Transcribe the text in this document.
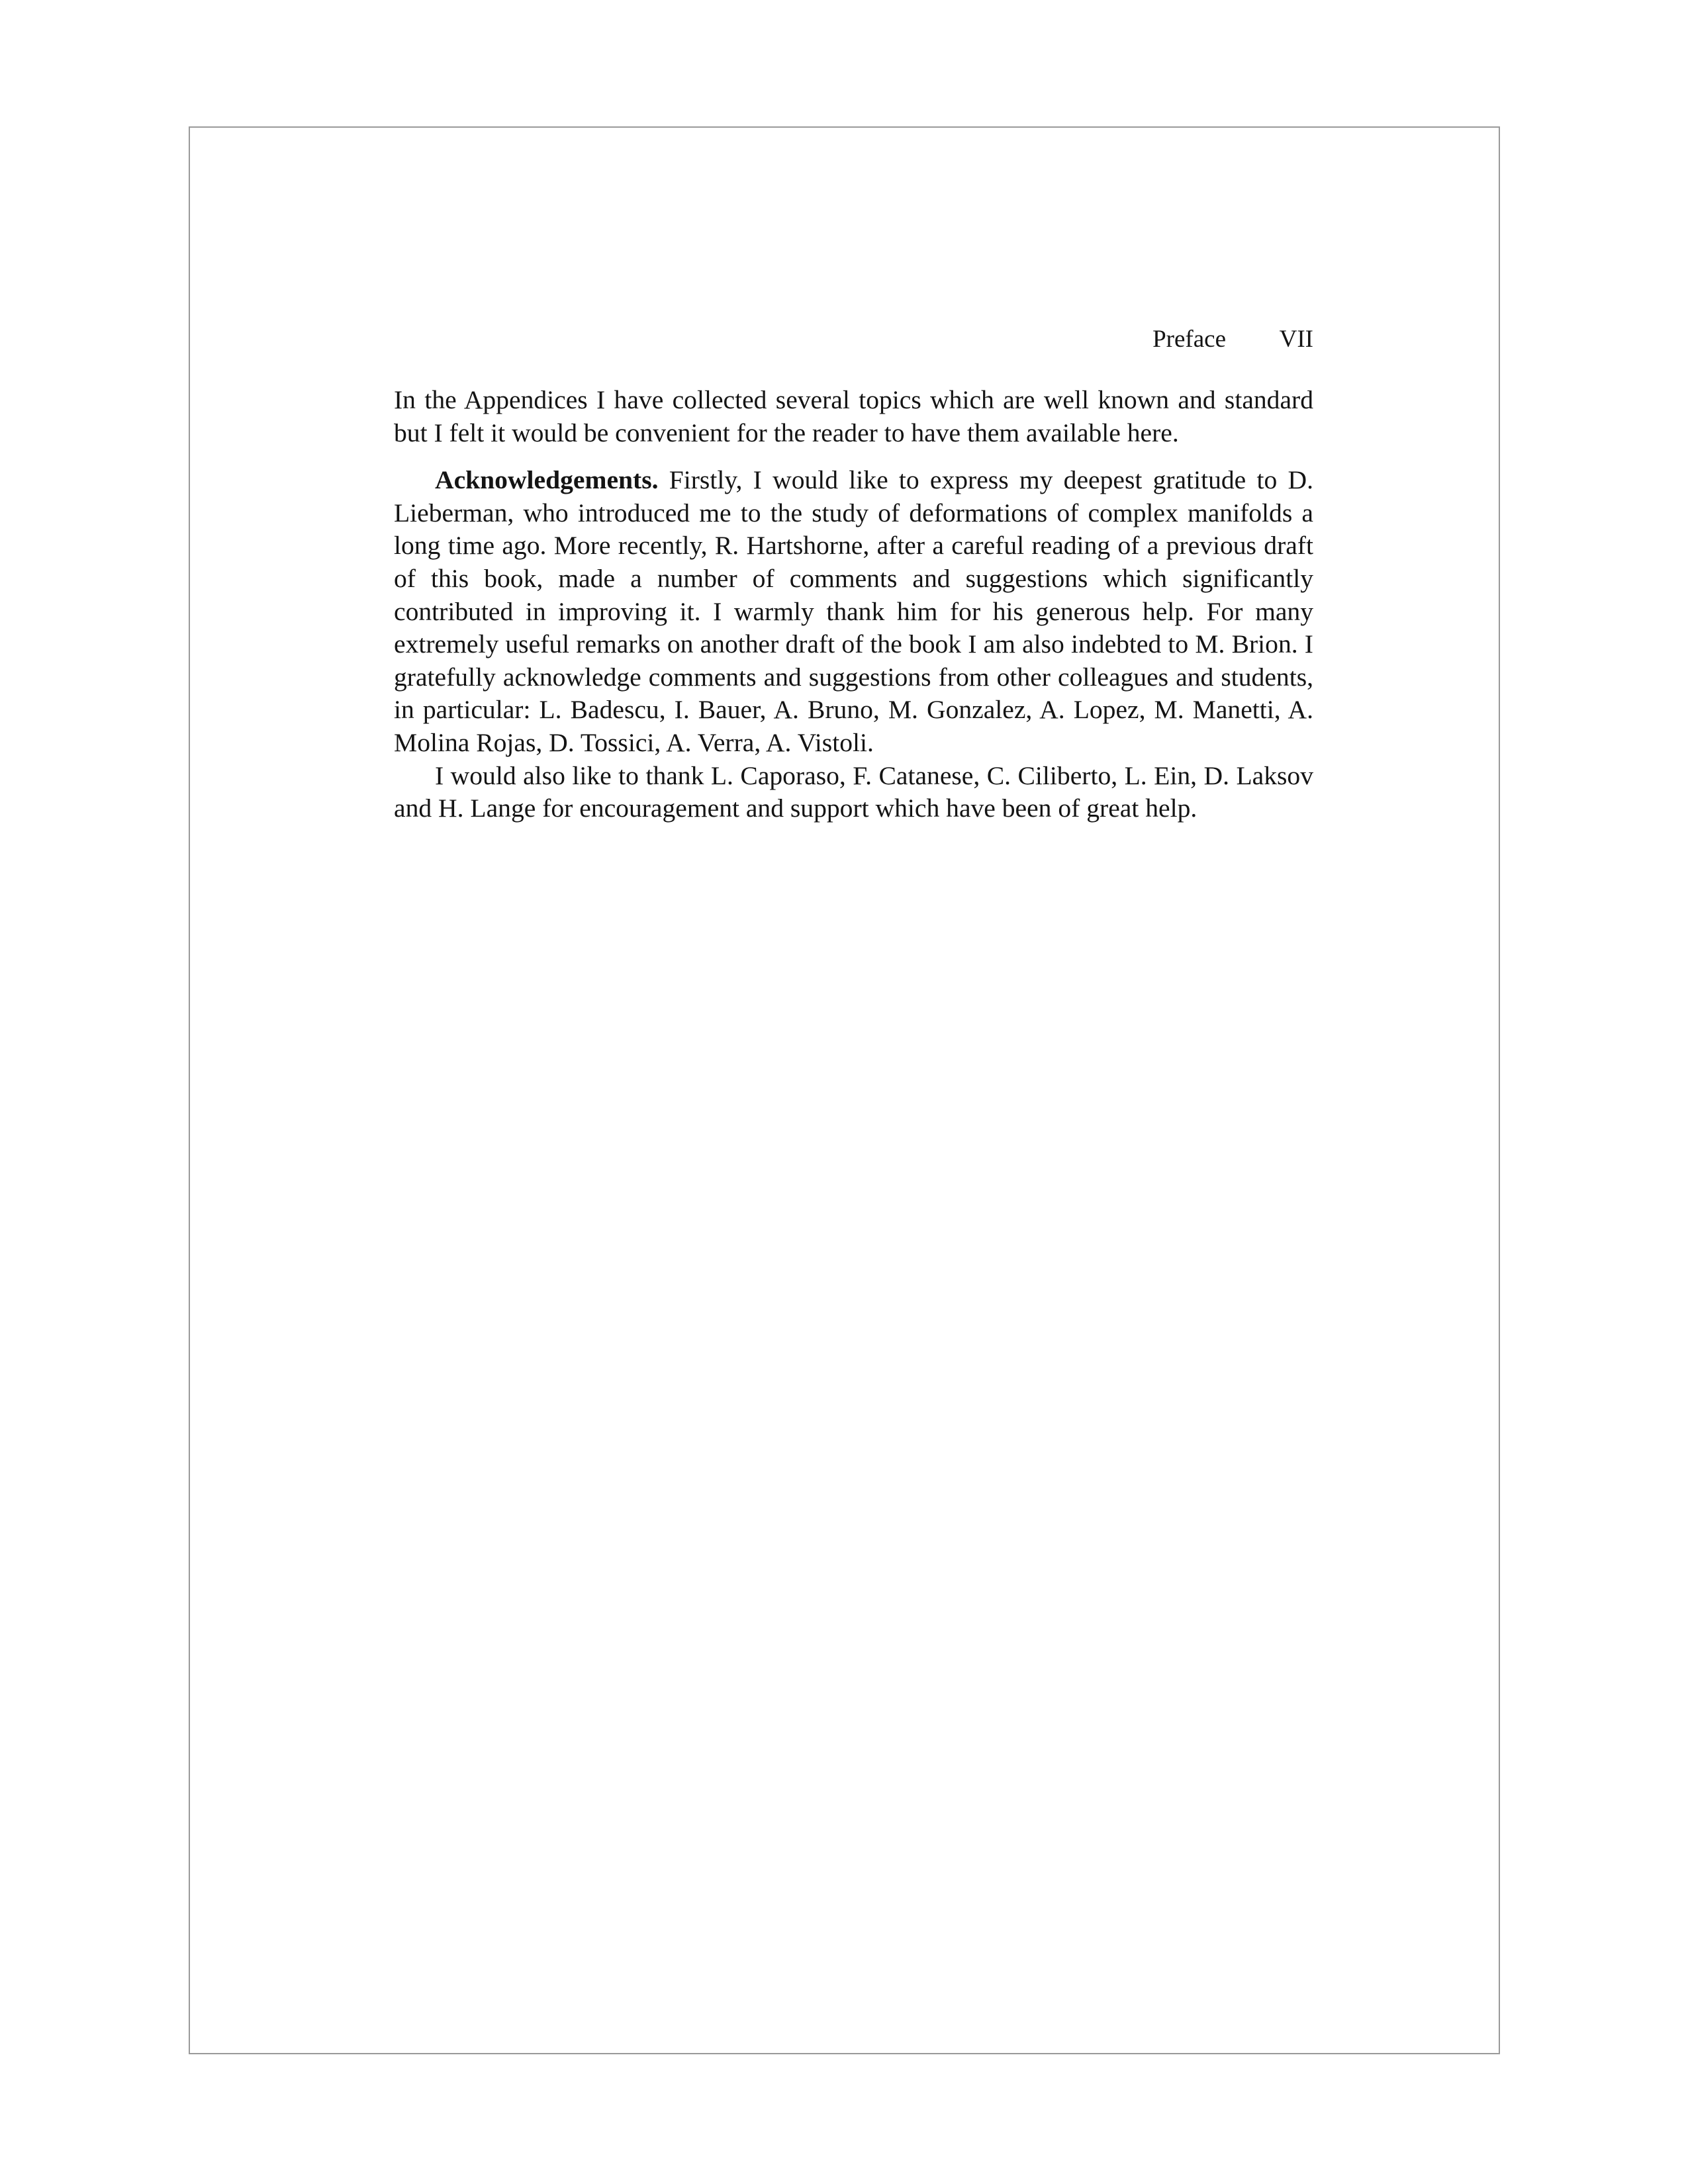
Preface VII

In the Appendices I have collected several topics which are well known and standard but I felt it would be convenient for the reader to have them available here.

Acknowledgements. Firstly, I would like to express my deepest gratitude to D. Lieberman, who introduced me to the study of deformations of complex manifolds a long time ago. More recently, R. Hartshorne, after a careful reading of a previous draft of this book, made a number of comments and suggestions which significantly contributed in improving it. I warmly thank him for his generous help. For many extremely useful remarks on another draft of the book I am also indebted to M. Brion. I gratefully acknowledge comments and suggestions from other colleagues and students, in particular: L. Badescu, I. Bauer, A. Bruno, M. Gonzalez, A. Lopez, M. Manetti, A. Molina Rojas, D. Tossici, A. Verra, A. Vistoli.

I would also like to thank L. Caporaso, F. Catanese, C. Ciliberto, L. Ein, D. Laksov and H. Lange for encouragement and support which have been of great help.
